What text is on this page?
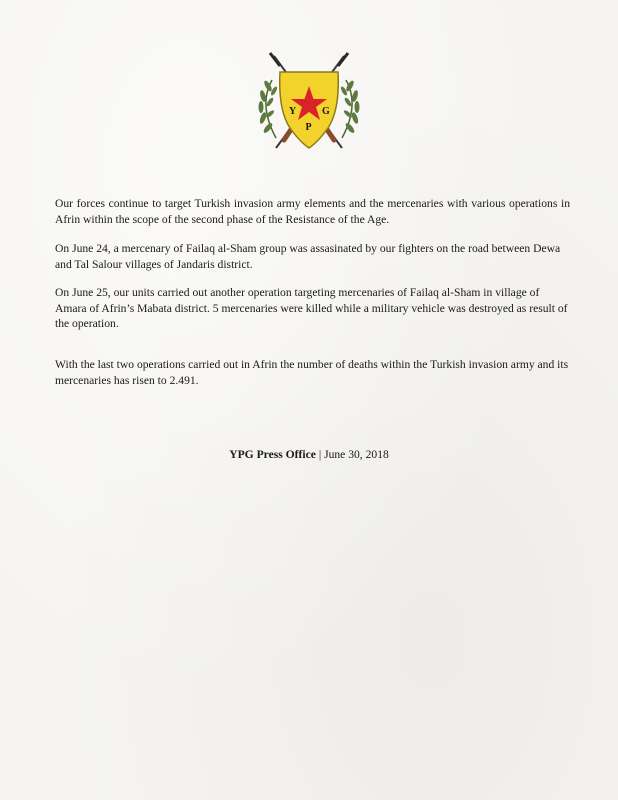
Y
P
G

Our forces continue to target Turkish invasion army elements and the mercenaries with various operations in Afrin within the scope of the second phase of the Resistance of the Age.

On June 24, a mercenary of Failaq al-Sham group was assasinated by our fighters on the road between Dewa and Tal Salour villages of Jandaris district.

On June 25, our units carried out another operation targeting mercenaries of Failaq al-Sham in village of Amara of Afrin’s Mabata district. 5 mercenaries were killed while a military vehicle was destroyed as result of the operation.

With the last two operations carried out in Afrin the number of deaths within the Turkish invasion army and its mercenaries has risen to 2.491.

YPG Press Office | June 30, 2018
